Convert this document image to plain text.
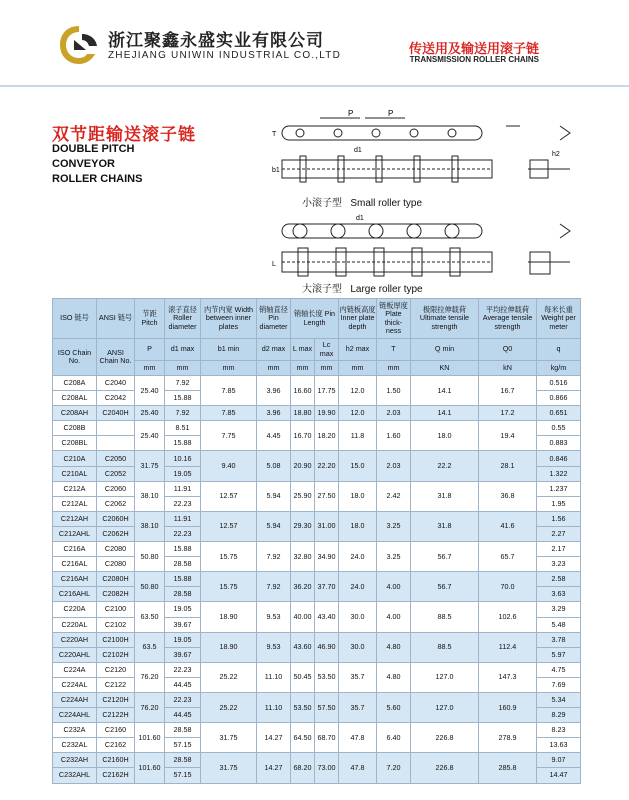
浙江聚鑫永盛实业有限公司
ZHEJIANG UNIWIN INDUSTRIAL CO.,LTD	传送用及输送用滚子链
TRANSMISSION ROLLER CHAINS
双节距输送滚子链
DOUBLE PITCH
CONVEYOR
ROLLER CHAINS
P	P
d1
T
b1
h2
小滚子型 Small roller type
d1
L
大滚子型 Large roller type
ISO 链号	ANSI 链号	节距 Pitch	滚子直径 Roller diameter	内节内宽 Width between inner plates	销轴直径 Pin diameter	销轴长度 Pin Length		内链板高度 Inner plate depth	链板厚度 Plate thick- ness	极限拉伸载荷 Ultimate tensile strength	平均拉伸载荷 Average tensile strength	每米长重 Weight per meter
ISO Chain No.	ANSI Chain No.	P	d1 max	b1 min	d2 max	L max	Lc max	h2 max	T	Q min	Q0	q
		mm	mm	mm	mm	mm	mm	mm	mm	KN	kN	kg/m
C208A	C2040	25.40	7.92	7.85	3.96	16.60	17.75	12.0	1.50	14.1	16.7	0.516
C208AL	C2042		15.88									0.866
C208AH	C2040H	25.40	7.92	7.85	3.96	18.80	19.90	12.0	2.03	14.1	17.2	0.651
C208B		25.40	8.51	7.75	4.45	16.70	18.20	11.8	1.60	18.0	19.4	0.55
C208BL			15.88									0.883
C210A	C2050	31.75	10.16	9.40	5.08	20.90	22.20	15.0	2.03	22.2	28.1	0.846
C210AL	C2052		19.05									1.322
C212A	C2060	38.10	11.91	12.57	5.94	25.90	27.50	18.0	2.42	31.8	36.8	1.237
C212AL	C2062		22.23									1.95
C212AH	C2060H	38.10	11.91	12.57	5.94	29.30	31.00	18.0	3.25	31.8	41.6	1.56
C212AHL	C2062H		22.23									2.27
C216A	C2080	50.80	15.88	15.75	7.92	32.80	34.90	24.0	3.25	56.7	65.7	2.17
C216AL	C2080		28.58									3.23
C216AH	C2080H	50.80	15.88	15.75	7.92	36.20	37.70	24.0	4.00	56.7	70.0	2.58
C216AHL	C2082H		28.58									3.63
C220A	C2100	63.50	19.05	18.90	9.53	40.00	43.40	30.0	4.00	88.5	102.6	3.29
C220AL	C2102		39.67									5.48
C220AH	C2100H	63.5	19.05	18.90	9.53	43.60	46.90	30.0	4.80	88.5	112.4	3.78
C220AHL	C2102H		39.67									5.97
C224A	C2120	76.20	22.23	25.22	11.10	50.45	53.50	35.7	4.80	127.0	147.3	4.75
C224AL	C2122		44.45									7.69
C224AH	C2120H	76.20	22.23	25.22	11.10	53.50	57.50	35.7	5.60	127.0	160.9	5.34
C224AHL	C2122H		44.45									8.29
C232A	C2160	101.60	28.58	31.75	14.27	64.50	68.70	47.8	6.40	226.8	278.9	8.23
C232AL	C2162		57.15									13.63
C232AH	C2160H	101.60	28.58	31.75	14.27	68.20	73.00	47.8	7.20	226.8	285.8	9.07
C232AHL	C2162H		57.15									14.47
